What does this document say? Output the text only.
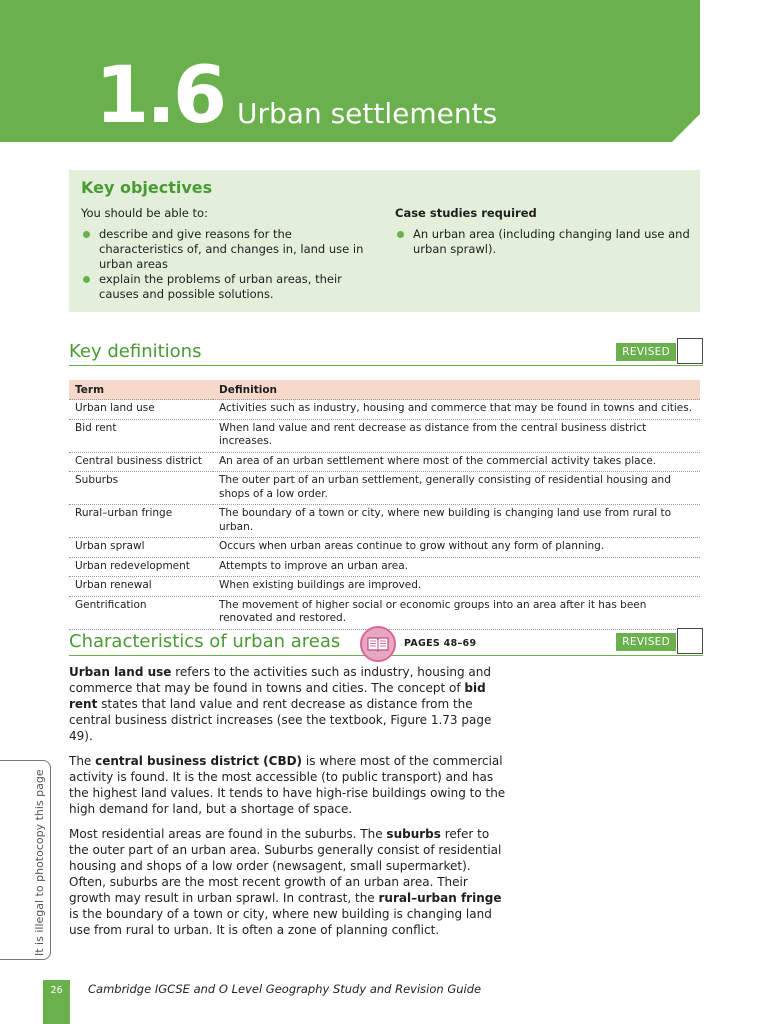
1.6 Urban settlements
Key objectives

You should be able to:

describe and give reasons for the characteristics of, and changes in, land use in urban areas
explain the problems of urban areas, their causes and possible solutions.

Case studies required

An urban area (including changing land use and urban sprawl).
Key definitions	REVISED
Term	Definition
Urban land use	Activities such as industry, housing and commerce that may be found in towns and cities.
Bid rent	When land value and rent decrease as distance from the central business district increases.
Central business district	An area of an urban settlement where most of the commercial activity takes place.
Suburbs	The outer part of an urban settlement, generally consisting of residential housing and shops of a low order.
Rural–urban fringe	The boundary of a town or city, where new building is changing land use from rural to urban.
Urban sprawl	Occurs when urban areas continue to grow without any form of planning.
Urban redevelopment	Attempts to improve an urban area.
Urban renewal	When existing buildings are improved.
Gentrification	The movement of higher social or economic groups into an area after it has been renovated and restored.
Characteristics of urban areas	REVISED
PAGES 48–69

Urban land use refers to the activities such as industry, housing and commerce that may be found in towns and cities. The concept of bid rent states that land value and rent decrease as distance from the central business district increases (see the textbook, Figure 1.73 page 49).

The central business district (CBD) is where most of the commercial activity is found. It is the most accessible (to public transport) and has the highest land values. It tends to have high-rise buildings owing to the high demand for land, but a shortage of space.

Most residential areas are found in the suburbs. The suburbs refer to the outer part of an urban area. Suburbs generally consist of residential housing and shops of a low order (newsagent, small supermarket). Often, suburbs are the most recent growth of an urban area. Their growth may result in urban sprawl. In contrast, the rural–urban fringe is the boundary of a town or city, where new building is changing land use from rural to urban. It is often a zone of planning conflict.

It is illegal to photocopy this page
26	Cambridge IGCSE and O Level Geography Study and Revision Guide
